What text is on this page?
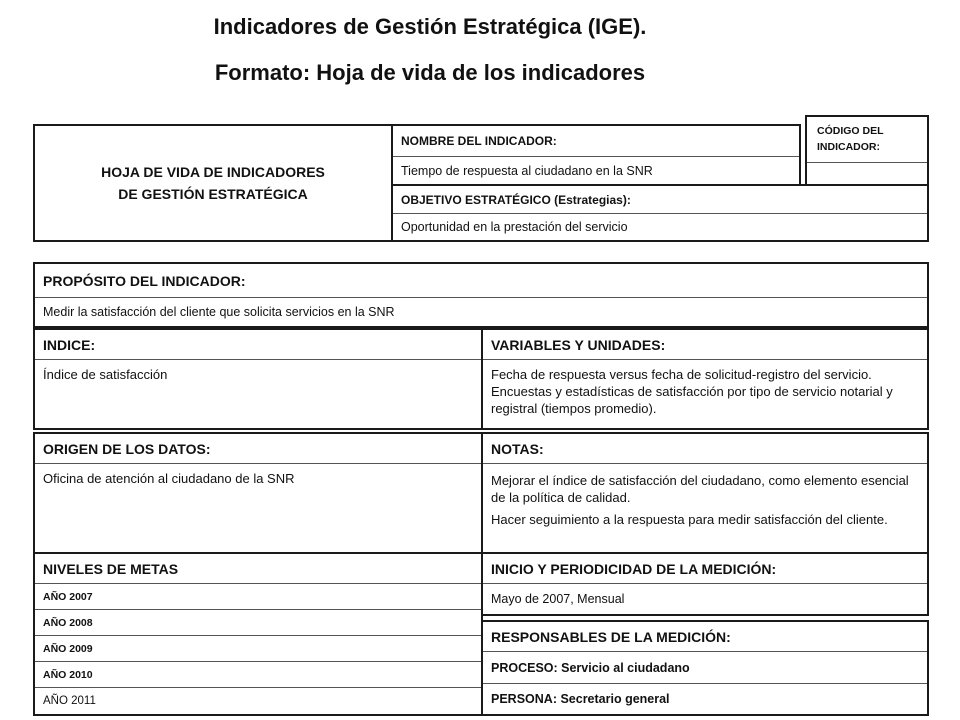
Indicadores de Gestión Estratégica (IGE).
Formato: Hoja de vida de los indicadores
HOJA DE VIDA DE INDICADORES
DE GESTIÓN ESTRATÉGICA
NOMBRE DEL INDICADOR:
Tiempo de respuesta al ciudadano en la SNR
CÓDIGO DEL INDICADOR:
OBJETIVO ESTRATÉGICO (Estrategias):
Oportunidad en la prestación del servicio
PROPÓSITO DEL INDICADOR:
Medir la satisfacción del cliente que solicita servicios en la SNR
INDICE:
Índice de satisfacción
VARIABLES Y UNIDADES:
Fecha de respuesta versus fecha de solicitud-registro del servicio. Encuestas y estadísticas de satisfacción por tipo de servicio notarial y registral (tiempos promedio).
ORIGEN DE LOS DATOS:
Oficina de atención al ciudadano de la SNR
NOTAS:
Mejorar el índice de satisfacción del ciudadano, como elemento esencial de la política de calidad.
Hacer seguimiento a la respuesta para medir satisfacción del cliente.
NIVELES DE METAS
AÑO 2007
AÑO 2008
AÑO 2009
AÑO 2010
AÑO 2011
INICIO Y PERIODICIDAD DE LA MEDICIÓN:
Mayo de 2007, Mensual
RESPONSABLES DE LA MEDICIÓN:
PROCESO: Servicio al ciudadano
PERSONA: Secretario general
